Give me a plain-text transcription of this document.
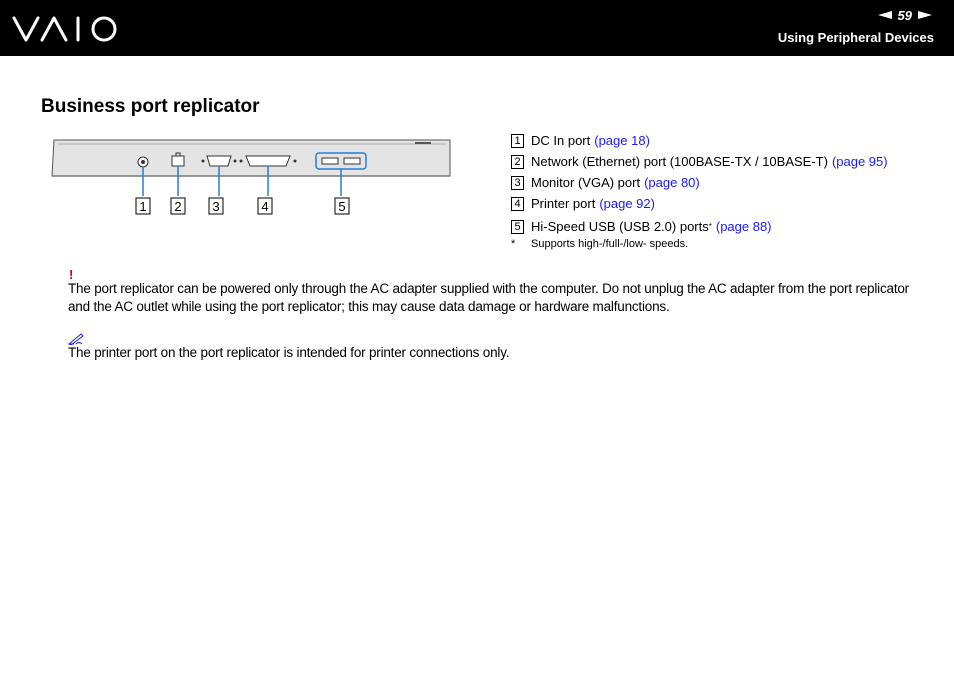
59
Using Peripheral Devices
Business port replicator
1 2 3	4	5
1 DC In port (page 18)
2 Network (Ethernet) port (100BASE-TX / 10BASE-T) (page 95)
3 Monitor (VGA) port (page 80)
4 Printer port (page 92)
5 Hi-Speed USB (USB 2.0) ports * (page 88)
*	Supports high-/full-/low- speeds.
!
The port replicator can be powered only through the AC adapter supplied with the computer. Do not unplug the AC adapter from the port replicator and the AC outlet while using the port replicator; this may cause data damage or hardware malfunctions.
The printer port on the port replicator is intended for printer connections only.
